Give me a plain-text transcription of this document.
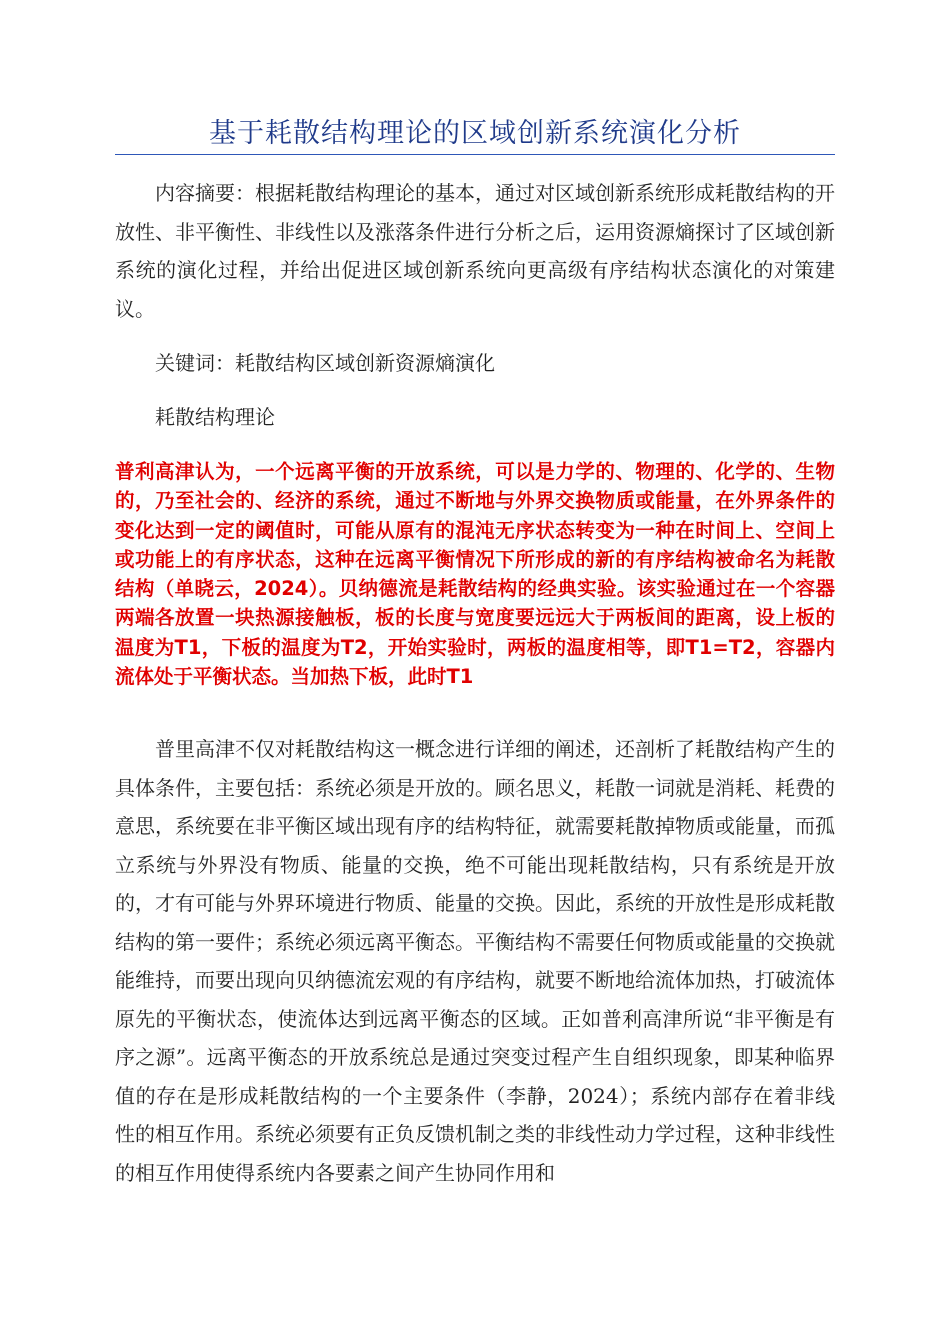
基于耗散结构理论的区域创新系统演化分析

内容摘要：根据耗散结构理论的基本，通过对区域创新系统形成耗散结构的开放性、非平衡性、非线性以及涨落条件进行分析之后，运用资源熵探讨了区域创新系统的演化过程，并给出促进区域创新系统向更高级有序结构状态演化的对策建议。

关键词：耗散结构区域创新资源熵演化

耗散结构理论

普利高津认为，一个远离平衡的开放系统，可以是力学的、物理的、化学的、生物的，乃至社会的、经济的系统，通过不断地与外界交换物质或能量，在外界条件的变化达到一定的阈值时，可能从原有的混沌无序状态转变为一种在时间上、空间上或功能上的有序状态，这种在远离平衡情况下所形成的新的有序结构被命名为耗散结构（单晓云，2024）。贝纳德流是耗散结构的经典实验。该实验通过在一个容器两端各放置一块热源接触板，板的长度与宽度要远远大于两板间的距离，设上板的温度为T1，下板的温度为T2，开始实验时，两板的温度相等，即T1=T2，容器内流体处于平衡状态。当加热下板，此时T1

普里高津不仅对耗散结构这一概念进行详细的阐述，还剖析了耗散结构产生的具体条件，主要包括：系统必须是开放的。顾名思义，耗散一词就是消耗、耗费的意思，系统要在非平衡区域出现有序的结构特征，就需要耗散掉物质或能量，而孤立系统与外界没有物质、能量的交换，绝不可能出现耗散结构，只有系统是开放的，才有可能与外界环境进行物质、能量的交换。因此，系统的开放性是形成耗散结构的第一要件；系统必须远离平衡态。平衡结构不需要任何物质或能量的交换就能维持，而要出现向贝纳德流宏观的有序结构，就要不断地给流体加热，打破流体原先的平衡状态，使流体达到远离平衡态的区域。正如普利高津所说“非平衡是有序之源”。远离平衡态的开放系统总是通过突变过程产生自组织现象，即某种临界值的存在是形成耗散结构的一个主要条件（李静，2024）；系统内部存在着非线性的相互作用。系统必须要有正负反馈机制之类的非线性动力学过程，这种非线性的相互作用使得系统内各要素之间产生协同作用和
